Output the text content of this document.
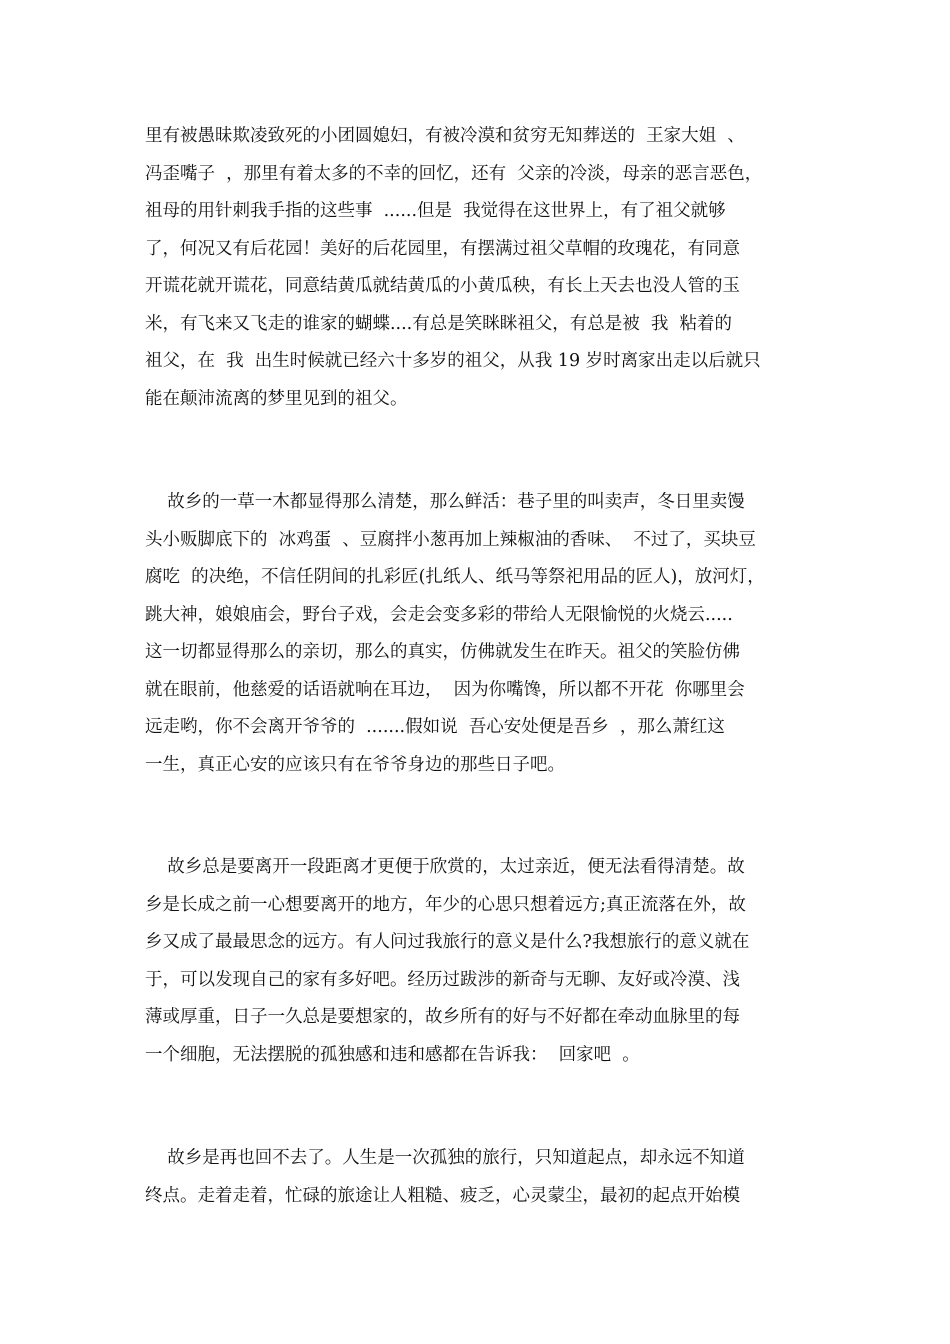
里有被愚昧欺凌致死的小团圆媳妇，有被冷漠和贫穷无知葬送的  王家大姐  、
冯歪嘴子  ，那里有着太多的不幸的回忆，还有  父亲的冷淡，母亲的恶言恶色，
祖母的用针刺我手指的这些事  ......但是  我觉得在这世界上，有了祖父就够
了，何况又有后花园！美好的后花园里，有摆满过祖父草帽的玫瑰花，有同意
开谎花就开谎花，同意结黄瓜就结黄瓜的小黄瓜秧，有长上天去也没人管的玉
米，有飞来又飞走的谁家的蝴蝶....有总是笑眯眯祖父，有总是被  我  粘着的
祖父，在  我  出生时候就已经六十多岁的祖父，从我 19 岁时离家出走以后就只
能在颠沛流离的梦里见到的祖父。

故乡的一草一木都显得那么清楚，那么鲜活：巷子里的叫卖声，冬日里卖馒
头小贩脚底下的  冰鸡蛋  、豆腐拌小葱再加上辣椒油的香味、  不过了，买块豆
腐吃  的决绝，不信任阴间的扎彩匠(扎纸人、纸马等祭祀用品的匠人)，放河灯，
跳大神，娘娘庙会，野台子戏，会走会变多彩的带给人无限愉悦的火烧云.....
这一切都显得那么的亲切，那么的真实，仿佛就发生在昨天。祖父的笑脸仿佛
就在眼前，他慈爱的话语就响在耳边，  因为你嘴馋，所以都不开花  你哪里会
远走哟，你不会离开爷爷的  .......假如说  吾心安处便是吾乡  ，那么萧红这
一生，真正心安的应该只有在爷爷身边的那些日子吧。

故乡总是要离开一段距离才更便于欣赏的，太过亲近，便无法看得清楚。故
乡是长成之前一心想要离开的地方，年少的心思只想着远方;真正流落在外，故
乡又成了最最思念的远方。有人问过我旅行的意义是什么?我想旅行的意义就在
于，可以发现自己的家有多好吧。经历过跋涉的新奇与无聊、友好或冷漠、浅
薄或厚重，日子一久总是要想家的，故乡所有的好与不好都在牵动血脉里的每
一个细胞，无法摆脱的孤独感和违和感都在告诉我：  回家吧  。

故乡是再也回不去了。人生是一次孤独的旅行，只知道起点，却永远不知道
终点。走着走着，忙碌的旅途让人粗糙、疲乏，心灵蒙尘，最初的起点开始模
